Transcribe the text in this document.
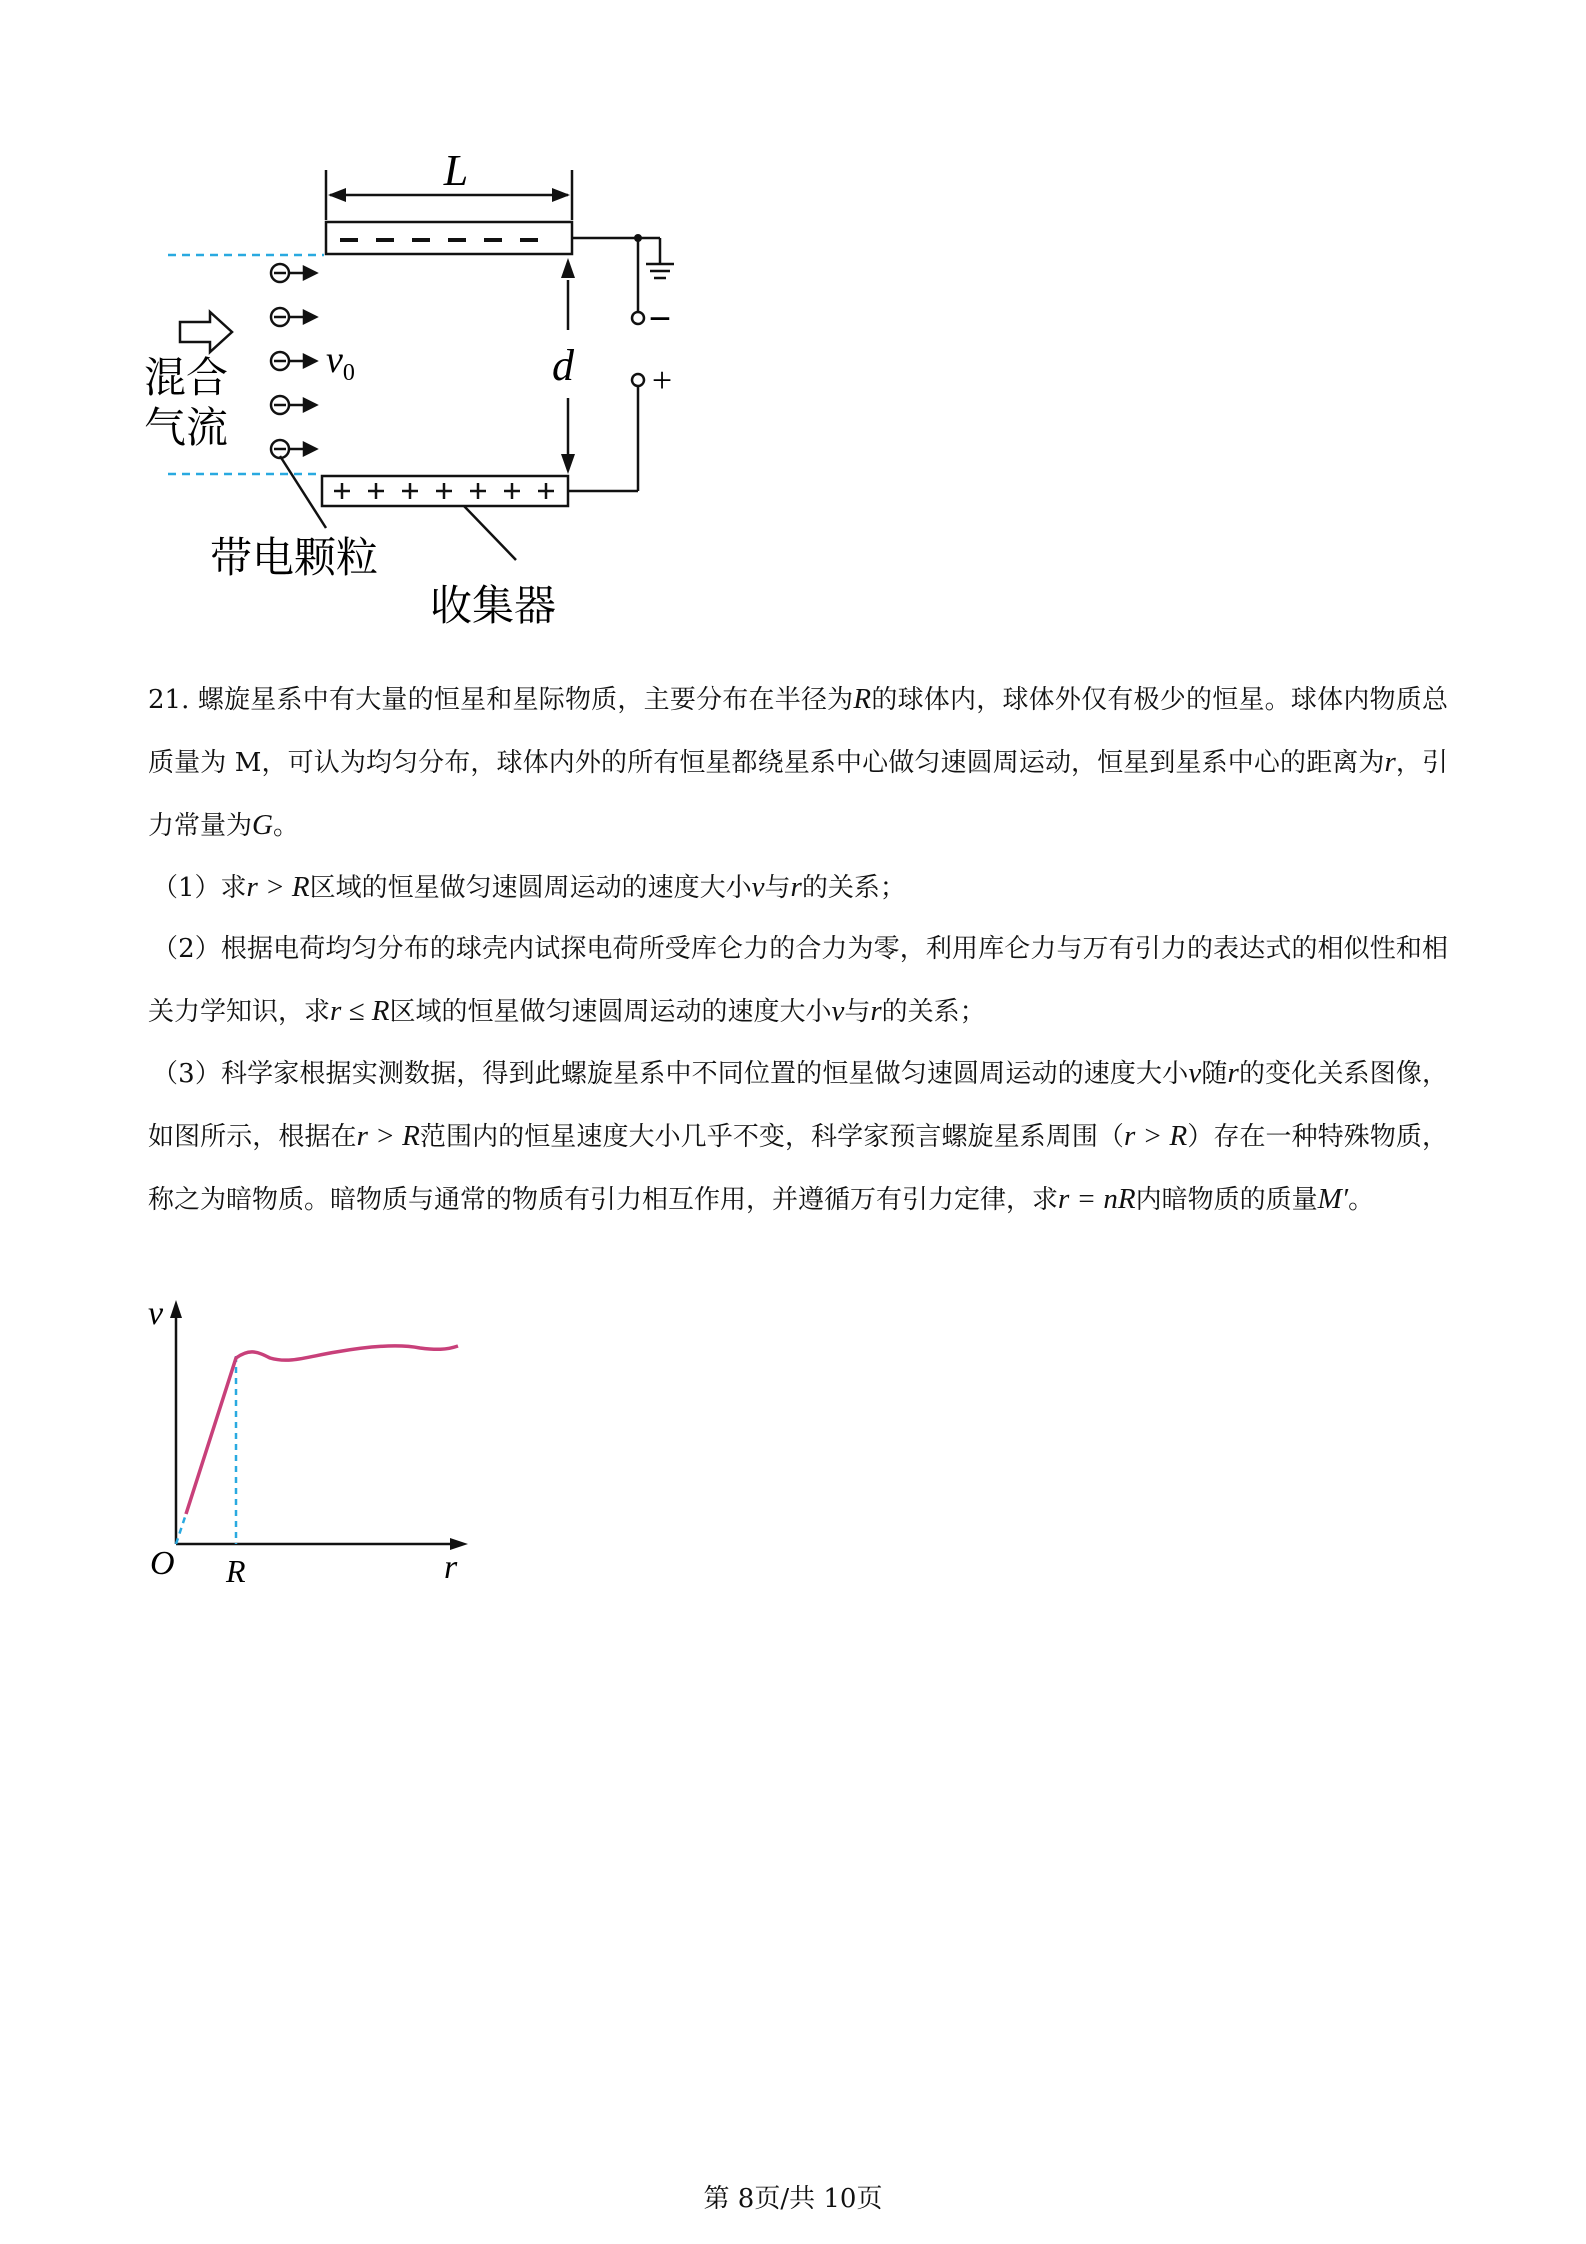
L
d
−
+
$v_0$
混合
气流
带电颗粒
收集器

21. 螺旋星系中有大量的恒星和星际物质，主要分布在半径为R的球体内，球体外仅有极少的恒星。球体内物质总质量为 M，可认为均匀分布，球体内外的所有恒星都绕星系中心做匀速圆周运动，恒星到星系中心的距离为r，引力常量为G。

（1）求r > R区域的恒星做匀速圆周运动的速度大小v与r的关系；

（2）根据电荷均匀分布的球壳内试探电荷所受库仑力的合力为零，利用库仑力与万有引力的表达式的相似性和相关力学知识，求r ≤ R区域的恒星做匀速圆周运动的速度大小v与r的关系；

（3）科学家根据实测数据，得到此螺旋星系中不同位置的恒星做匀速圆周运动的速度大小v随r的变化关系图像，如图所示，根据在r > R范围内的恒星速度大小几乎不变，科学家预言螺旋星系周围（r > R）存在一种特殊物质，称之为暗物质。暗物质与通常的物质有引力相互作用，并遵循万有引力定律，求r = nR内暗物质的质量M′。

v
r
O R
第 8页/共 10页
